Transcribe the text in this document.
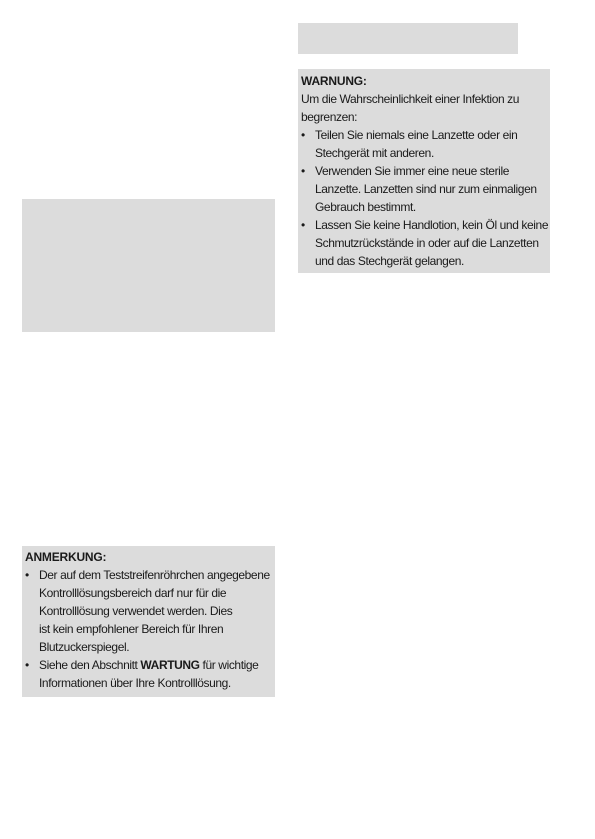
WARNUNG:
Um die Wahrscheinlichkeit einer Infektion zu
begrenzen:
• Teilen Sie niemals eine Lanzette oder ein
Stechgerät mit anderen.
• Verwenden Sie immer eine neue sterile
Lanzette. Lanzetten sind nur zum einmaligen
Gebrauch bestimmt.
• Lassen Sie keine Handlotion, kein Öl und keine
Schmutzrückstände in oder auf die Lanzetten
und das Stechgerät gelangen.
ANMERKUNG:
• Der auf dem Teststreifenröhrchen angegebene
Kontrolllösungsbereich darf nur für die
Kontrolllösung verwendet werden. Dies
ist kein empfohlener Bereich für Ihren
Blutzuckerspiegel.
• Siehe den Abschnitt WARTUNG für wichtige
Informationen über Ihre Kontrolllösung.
